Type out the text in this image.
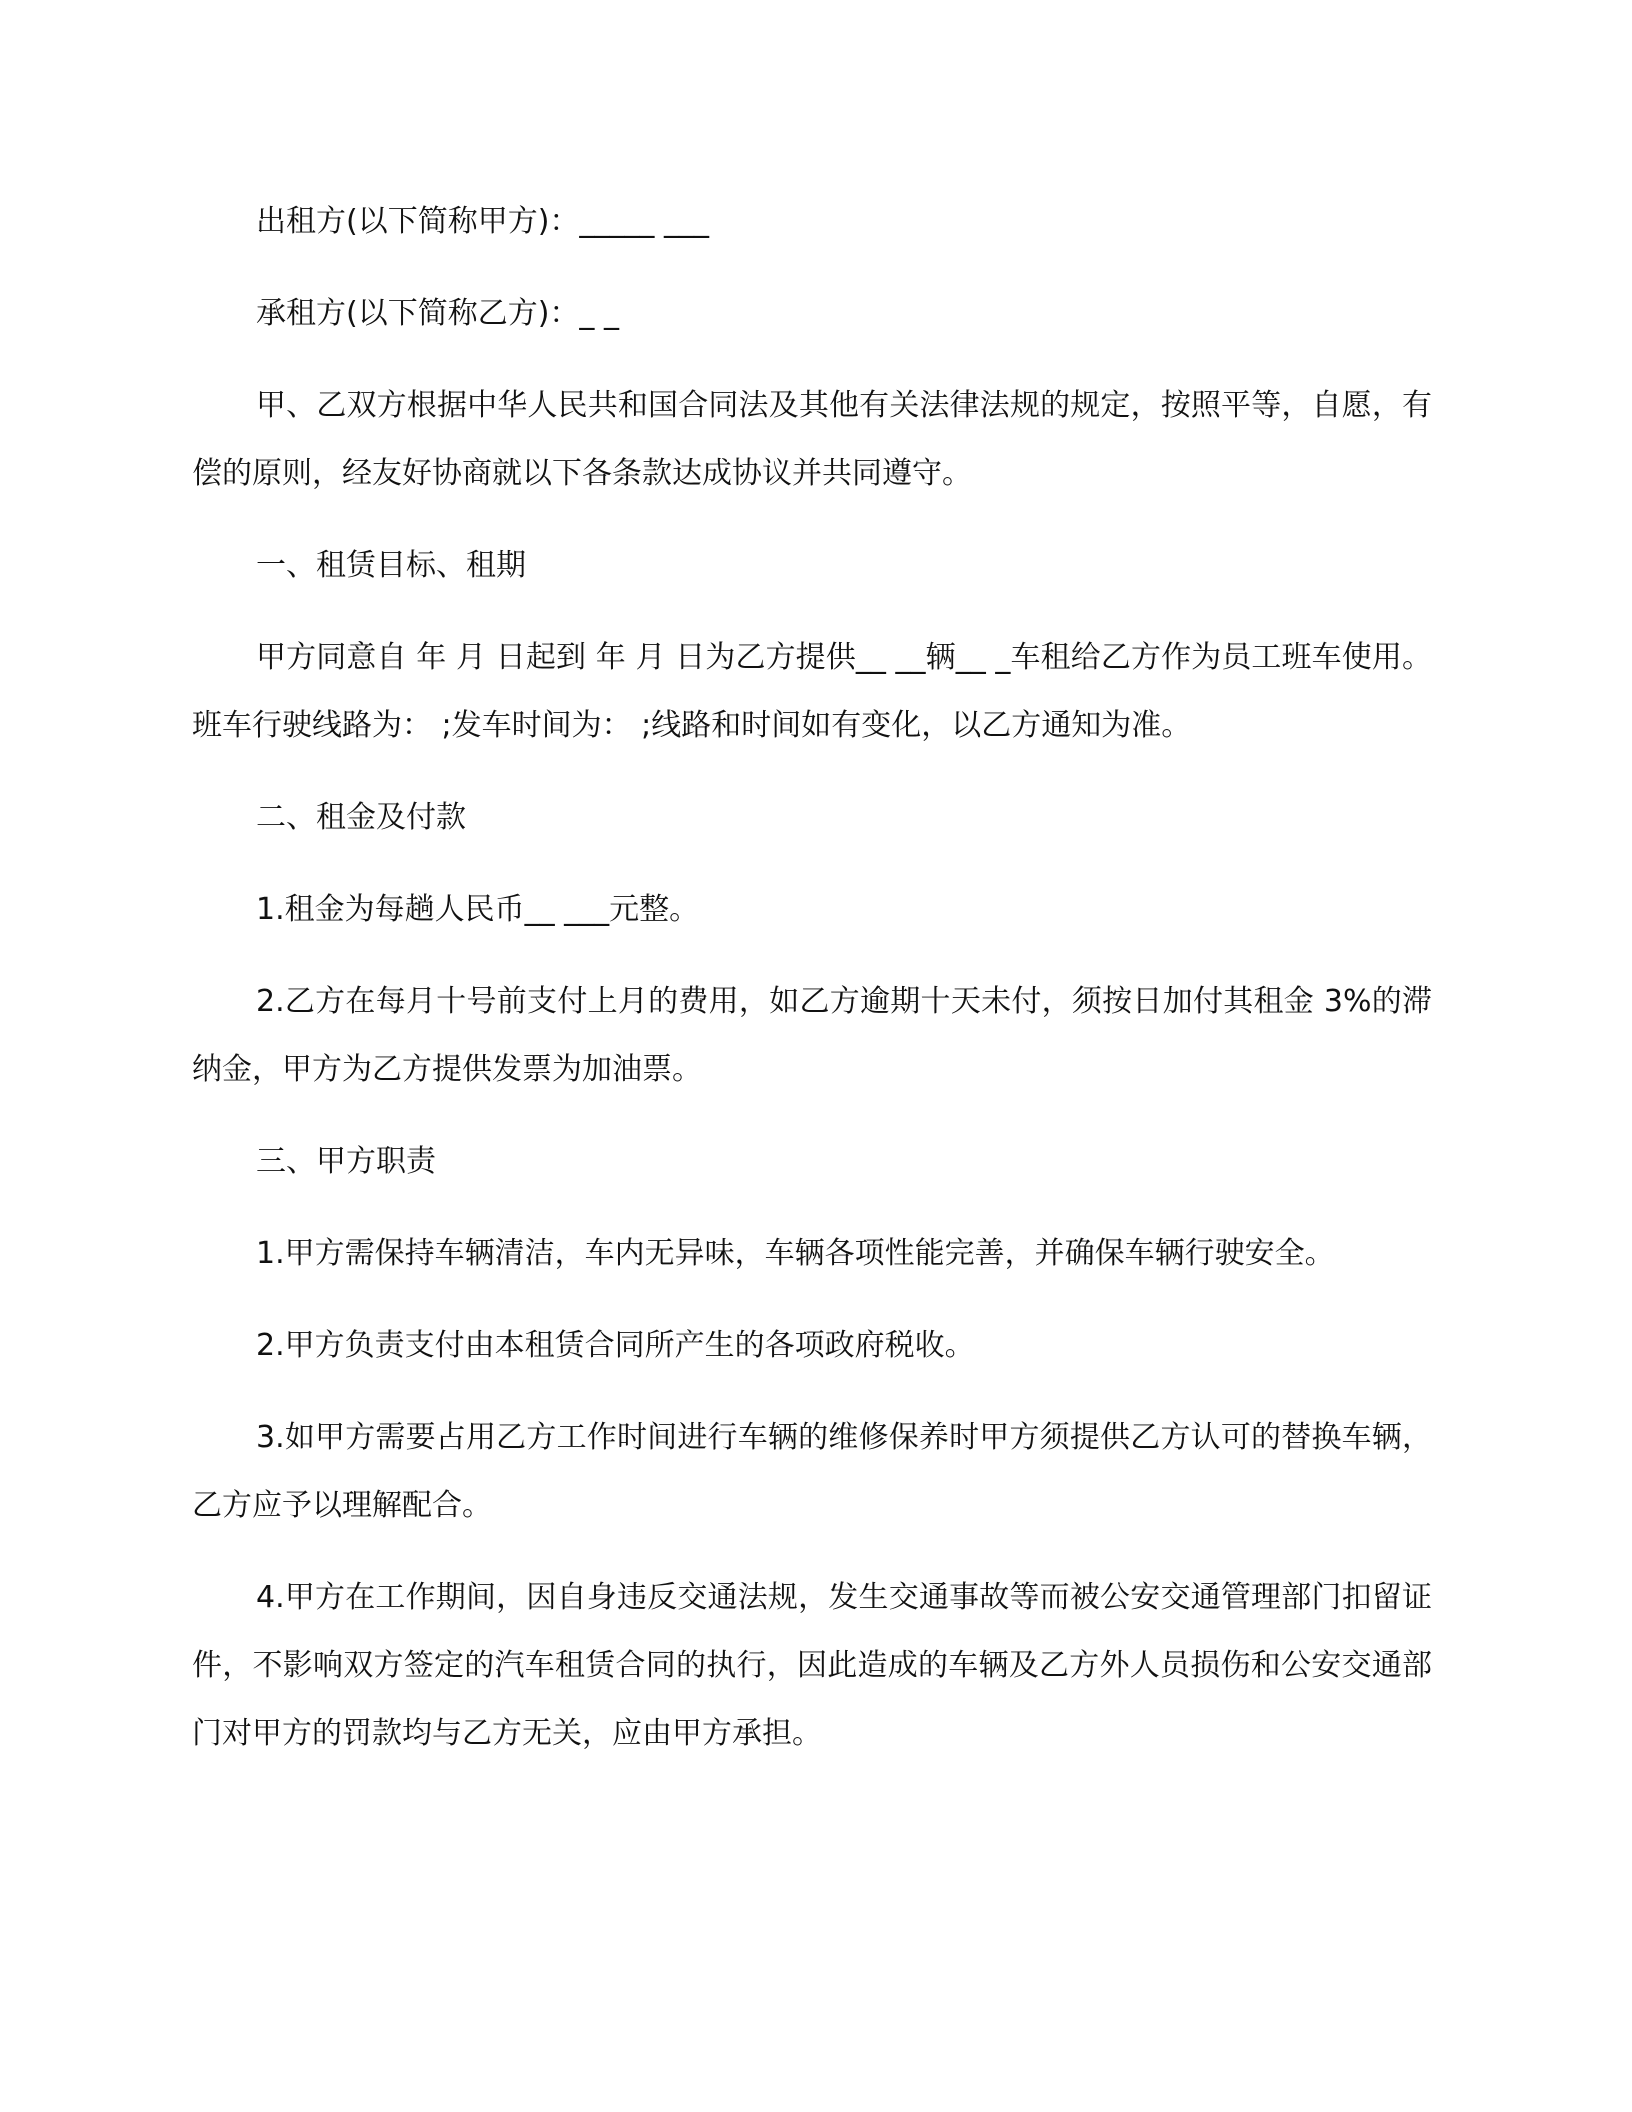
出租方(以下简称甲方)：_____ ___

承租方(以下简称乙方)：_ _

甲、乙双方根据中华人民共和国合同法及其他有关法律法规的规定，按照平等，自愿，有偿的原则，经友好协商就以下各条款达成协议并共同遵守。

一、租赁目标、租期

甲方同意自 年 月 日起到 年 月 日为乙方提供__ __辆__ _车租给乙方作为员工班车使用。班车行驶线路为： ;发车时间为： ;线路和时间如有变化，以乙方通知为准。

二、租金及付款

1.租金为每趟人民币__ ___元整。

2.乙方在每月十号前支付上月的费用，如乙方逾期十天未付，须按日加付其租金 3%的滞纳金，甲方为乙方提供发票为加油票。

三、甲方职责

1.甲方需保持车辆清洁，车内无异味，车辆各项性能完善，并确保车辆行驶安全。

2.甲方负责支付由本租赁合同所产生的各项政府税收。

3.如甲方需要占用乙方工作时间进行车辆的维修保养时甲方须提供乙方认可的替换车辆，乙方应予以理解配合。

4.甲方在工作期间，因自身违反交通法规，发生交通事故等而被公安交通管理部门扣留证件，不影响双方签定的汽车租赁合同的执行，因此造成的车辆及乙方外人员损伤和公安交通部门对甲方的罚款均与乙方无关，应由甲方承担。
